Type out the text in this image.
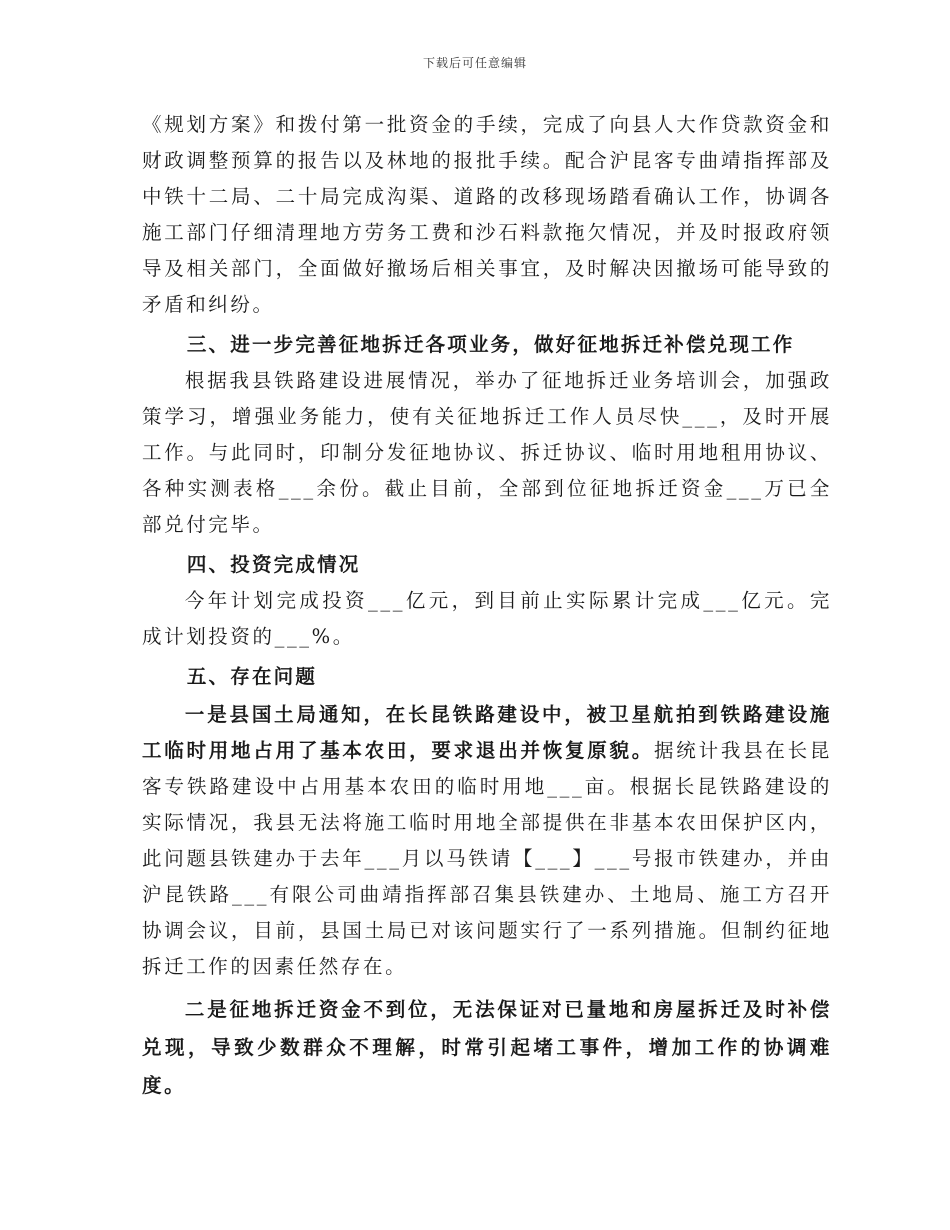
下载后可任意编辑

《规划方案》和拨付第一批资金的手续，完成了向县人大作贷款资金和财政调整预算的报告以及林地的报批手续。配合沪昆客专曲靖指挥部及中铁十二局、二十局完成沟渠、道路的改移现场踏看确认工作，协调各施工部门仔细清理地方劳务工费和沙石料款拖欠情况，并及时报政府领导及相关部门，全面做好撤场后相关事宜，及时解决因撤场可能导致的矛盾和纠纷。

三、进一步完善征地拆迁各项业务，做好征地拆迁补偿兑现工作

根据我县铁路建设进展情况，举办了征地拆迁业务培训会，加强政策学习，增强业务能力，使有关征地拆迁工作人员尽快___，及时开展工作。与此同时，印制分发征地协议、拆迁协议、临时用地租用协议、各种实测表格___余份。截止目前，全部到位征地拆迁资金___万已全部兑付完毕。

四、投资完成情况

今年计划完成投资___亿元，到目前止实际累计完成___亿元。完成计划投资的___%。

五、存在问题

一是县国土局通知，在长昆铁路建设中，被卫星航拍到铁路建设施工临时用地占用了基本农田，要求退出并恢复原貌。据统计我县在长昆客专铁路建设中占用基本农田的临时用地___亩。根据长昆铁路建设的实际情况，我县无法将施工临时用地全部提供在非基本农田保护区内，此问题县铁建办于去年___月以马铁请【___】___号报市铁建办，并由沪昆铁路___有限公司曲靖指挥部召集县铁建办、土地局、施工方召开协调会议，目前，县国土局已对该问题实行了一系列措施。但制约征地拆迁工作的因素任然存在。

二是征地拆迁资金不到位，无法保证对已量地和房屋拆迁及时补偿兑现，导致少数群众不理解，时常引起堵工事件，增加工作的协调难度。
